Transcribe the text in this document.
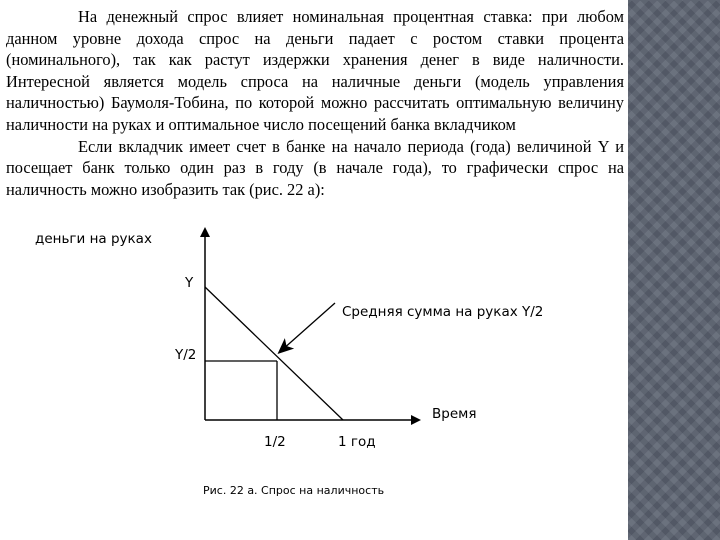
На денежный спрос влияет номинальная процентная ставка: при любом данном уровне дохода спрос на деньги падает с ростом ставки процента (номинального), так как растут издержки хранения денег в виде наличности. Интересной является модель спроса на наличные деньги (модель управления наличностью) Баумоля-Тобина, по которой можно рассчитать оптимальную величину наличности на руках и оптимальное число посещений банка вкладчиком

Если вкладчик имеет счет в банке на начало периода (года) величиной Y и посещает банк только один раз в году (в начале года), то графически спрос на наличность можно изобразить так (рис. 22 а):

деньги на руках
Y
Y/2
Средняя сумма на руках Y/2
Время
1/2	1 год
Рис. 22 а. Спрос на наличность
